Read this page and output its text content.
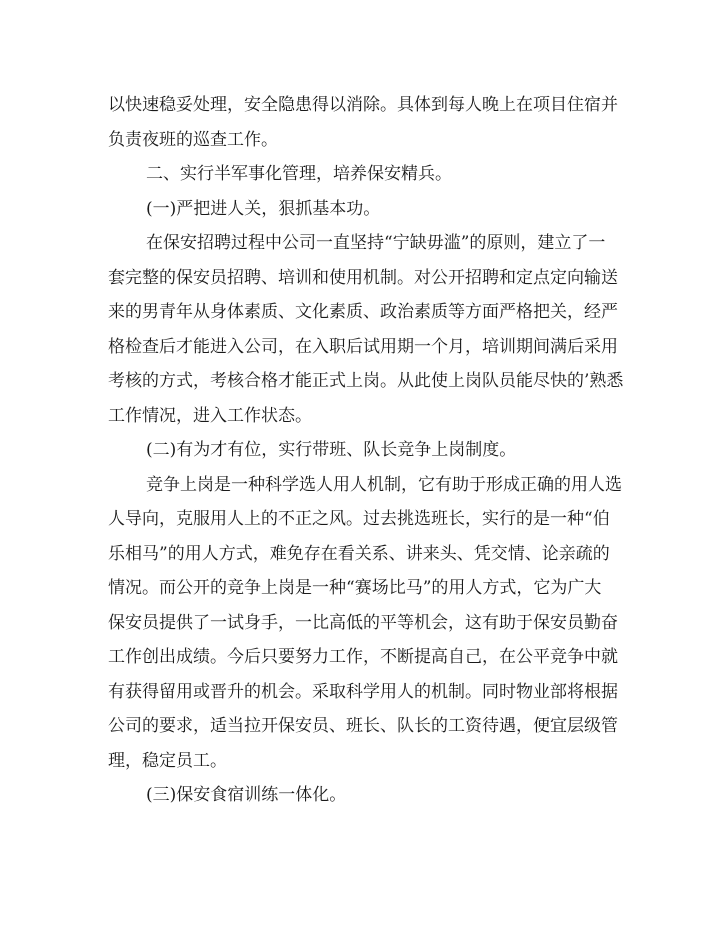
以快速稳妥处理，安全隐患得以消除。具体到每人晚上在项目住宿并
负责夜班的巡查工作。
二、实行半军事化管理，培养保安精兵。
(一)严把进人关，狠抓基本功。
在保安招聘过程中公司一直坚持“宁缺毋滥”的原则，建立了一
套完整的保安员招聘、培训和使用机制。对公开招聘和定点定向输送
来的男青年从身体素质、文化素质、政治素质等方面严格把关，经严
格检查后才能进入公司，在入职后试用期一个月，培训期间满后采用
考核的方式，考核合格才能正式上岗。从此使上岗队员能尽快的’熟悉
工作情况，进入工作状态。
(二)有为才有位，实行带班、队长竞争上岗制度。
竞争上岗是一种科学选人用人机制，它有助于形成正确的用人选
人导向，克服用人上的不正之风。过去挑选班长，实行的是一种“伯
乐相马”的用人方式，难免存在看关系、讲来头、凭交情、论亲疏的
情况。而公开的竞争上岗是一种“赛场比马”的用人方式，它为广大
保安员提供了一试身手，一比高低的平等机会，这有助于保安员勤奋
工作创出成绩。今后只要努力工作，不断提高自己，在公平竞争中就
有获得留用或晋升的机会。采取科学用人的机制。同时物业部将根据
公司的要求，适当拉开保安员、班长、队长的工资待遇，便宜层级管
理，稳定员工。
(三)保安食宿训练一体化。
